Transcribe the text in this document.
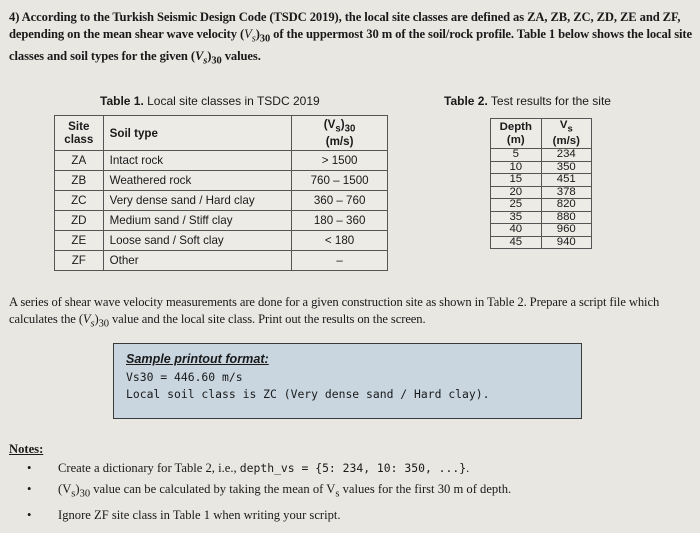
4) According to the Turkish Seismic Design Code (TSDC 2019), the local site classes are defined as ZA, ZB, ZC, ZD, ZE and ZF, depending on the mean shear wave velocity $(V_s)_{30}$ of the uppermost 30 m of the soil/rock profile. Table 1 below shows the local site classes and soil types for the given $(V_s)_{30}$ values.
Table 1. Local site classes in TSDC 2019
Site
class	Soil type	$(V_s)_{30}$
(m/s)
ZA	Intact rock	> 1500
ZB	Weathered rock	760 – 1500
ZC	Very dense sand / Hard clay	360 – 760
ZD	Medium sand / Stiff clay	180 – 360
ZE	Loose sand / Soft clay	< 180
ZF	Other	–
Table 2. Test results for the site
Depth
(m)	$V_s$
(m/s)
5	234
10	350
15	451
20	378
25	820
35	880
40	960
45	940
A series of shear wave velocity measurements are done for a given construction site as shown in Table 2. Prepare a script file which calculates the $(V_s)_{30}$ value and the local site class. Print out the results on the screen.
Sample printout format:
Vs30 = 446.60 m/s
Local soil class is ZC (Very dense sand / Hard clay).
Notes:
• Create a dictionary for Table 2, i.e., depth_vs = {5: 234, 10: 350, ...}.
• $(V_s)_{30}$ value can be calculated by taking the mean of $V_s$ values for the first 30 m of depth.
• Ignore ZF site class in Table 1 when writing your script.
